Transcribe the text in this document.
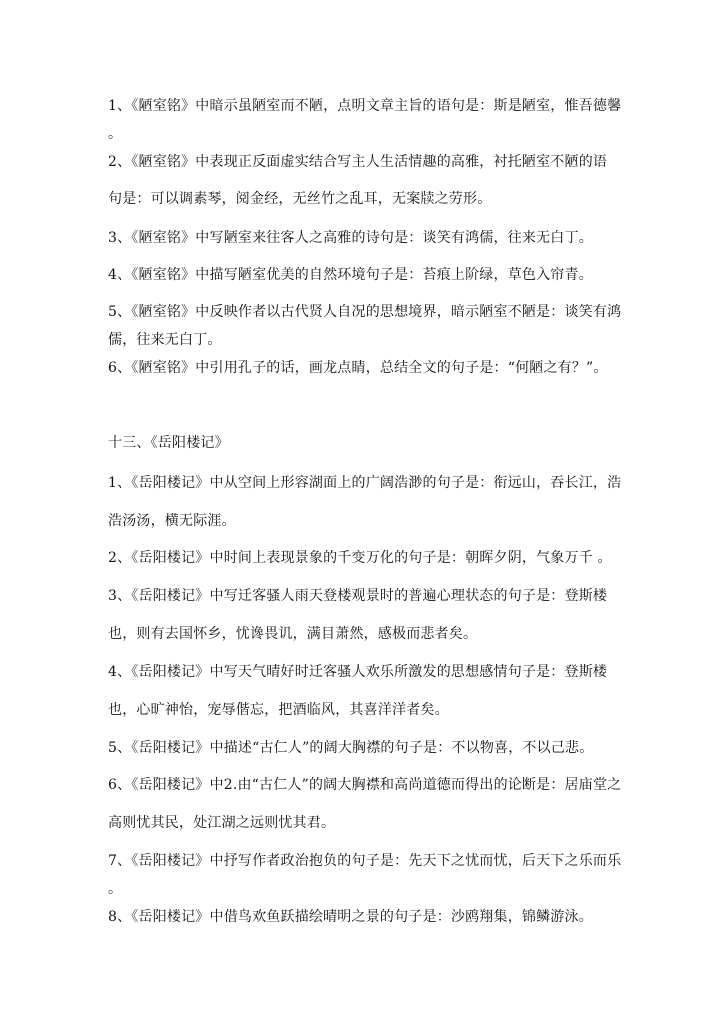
1、《陋室铭》中暗示虽陋室而不陋，点明文章主旨的语句是：斯是陋室，惟吾德馨
。
2、《陋室铭》中表现正反面虚实结合写主人生活情趣的高雅，衬托陋室不陋的语
句是：可以调素琴，阅金经，无丝竹之乱耳，无案牍之劳形。
3、《陋室铭》中写陋室来往客人之高雅的诗句是：谈笑有鸿儒，往来无白丁。
4、《陋室铭》中描写陋室优美的自然环境句子是：苔痕上阶绿，草色入帘青。
5、《陋室铭》中反映作者以古代贤人自况的思想境界，暗示陋室不陋是：谈笑有鸿
儒，往来无白丁。
6、《陋室铭》中引用孔子的话，画龙点睛，总结全文的句子是：“何陋之有？”。
十三、《岳阳楼记》
1、《岳阳楼记》中从空间上形容湖面上的广阔浩渺的句子是：衔远山，吞长江，浩
浩汤汤，横无际涯。
2、《岳阳楼记》中时间上表现景象的千变万化的句子是：朝晖夕阴，气象万千 。
3、《岳阳楼记》中写迁客骚人雨天登楼观景时的普遍心理状态的句子是：登斯楼
也，则有去国怀乡，忧谗畏讥，满目萧然，感极而悲者矣。
4、《岳阳楼记》中写天气晴好时迁客骚人欢乐所激发的思想感情句子是：登斯楼
也，心旷神怡，宠辱偕忘，把酒临风，其喜洋洋者矣。
5、《岳阳楼记》中描述“古仁人”的阔大胸襟的句子是：不以物喜，不以己悲。
6、《岳阳楼记》中2.由“古仁人”的阔大胸襟和高尚道德而得出的论断是：居庙堂之
高则忧其民，处江湖之远则忧其君。
7、《岳阳楼记》中抒写作者政治抱负的句子是：先天下之忧而忧，后天下之乐而乐
。
8、《岳阳楼记》中借鸟欢鱼跃描绘晴明之景的句子是：沙鸥翔集，锦鳞游泳。
